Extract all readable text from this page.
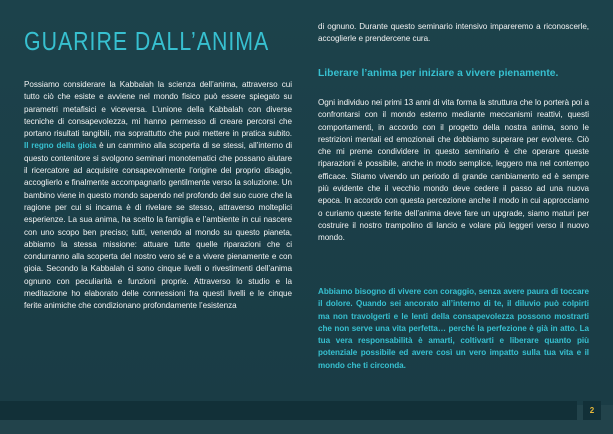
GUARIRE DALL’ANIMA

Possiamo considerare la Kabbalah la scienza dell’anima, attraverso cui tutto ciò che esiste e avviene nel mondo fisico può essere spiegato su parametri metafisici e viceversa. L’unione della Kabbalah con diverse tecniche di consapevolezza, mi hanno permesso di creare percorsi che portano risultati tangibili, ma soprattutto che puoi mettere in pratica subito. Il regno della gioia è un cammino alla scoperta di se stessi, all’interno di questo contenitore si svolgono seminari monotematici che possano aiutare il ricercatore ad acquisire consapevolmente l’origine del proprio disagio, accoglierlo e finalmente accompagnarlo gentilmente verso la soluzione. Un bambino viene in questo mondo sapendo nel profondo del suo cuore che la ragione per cui si incarna è di rivelare se stesso, attraverso molteplici esperienze. La sua anima, ha scelto la famiglia e l’ambiente in cui nascere con uno scopo ben preciso; tutti, venendo al mondo su questo pianeta, abbiamo la stessa missione: attuare tutte quelle riparazioni che ci condurranno alla scoperta del nostro vero sé e a vivere pienamente e con gioia. Secondo la Kabbalah ci sono cinque livelli o rivestimenti dell’anima ognuno con peculiarità e funzioni proprie. Attraverso lo studio e la meditazione ho elaborato delle connessioni fra questi livelli e le cinque ferite animiche che condizionano profondamente l’esistenza

di ognuno. Durante questo seminario intensivo impareremo a riconoscerle, accoglierle e prendercene cura.

Liberare l’anima per iniziare a vivere pienamente.

Ogni individuo nei primi 13 anni di vita forma la struttura che lo porterà poi a confrontarsi con il mondo esterno mediante meccanismi reattivi, questi comportamenti, in accordo con il progetto della nostra anima, sono le restrizioni mentali ed emozionali che dobbiamo superare per evolvere. Ciò che mi preme condividere in questo seminario è che operare queste riparazioni è possibile, anche in modo semplice, leggero ma nel contempo efficace. Stiamo vivendo un periodo di grande cambiamento ed è sempre più evidente che il vecchio mondo deve cedere il passo ad una nuova epoca. In accordo con questa percezione anche il modo in cui approcciamo o curiamo queste ferite dell’anima deve fare un upgrade, siamo maturi per costruire il nostro trampolino di lancio e volare più leggeri verso il nuovo mondo.

Abbiamo bisogno di vivere con coraggio, senza avere paura di toccare il dolore. Quando sei ancorato all’interno di te, il diluvio può colpirti ma non travolgerti e le lenti della consapevolezza possono mostrarti che non serve una vita perfetta… perché la perfezione è già in atto. La tua vera responsabilità è amarti, coltivarti e liberare quanto più potenziale possibile ed avere così un vero impatto sulla tua vita e il mondo che ti circonda.

2
